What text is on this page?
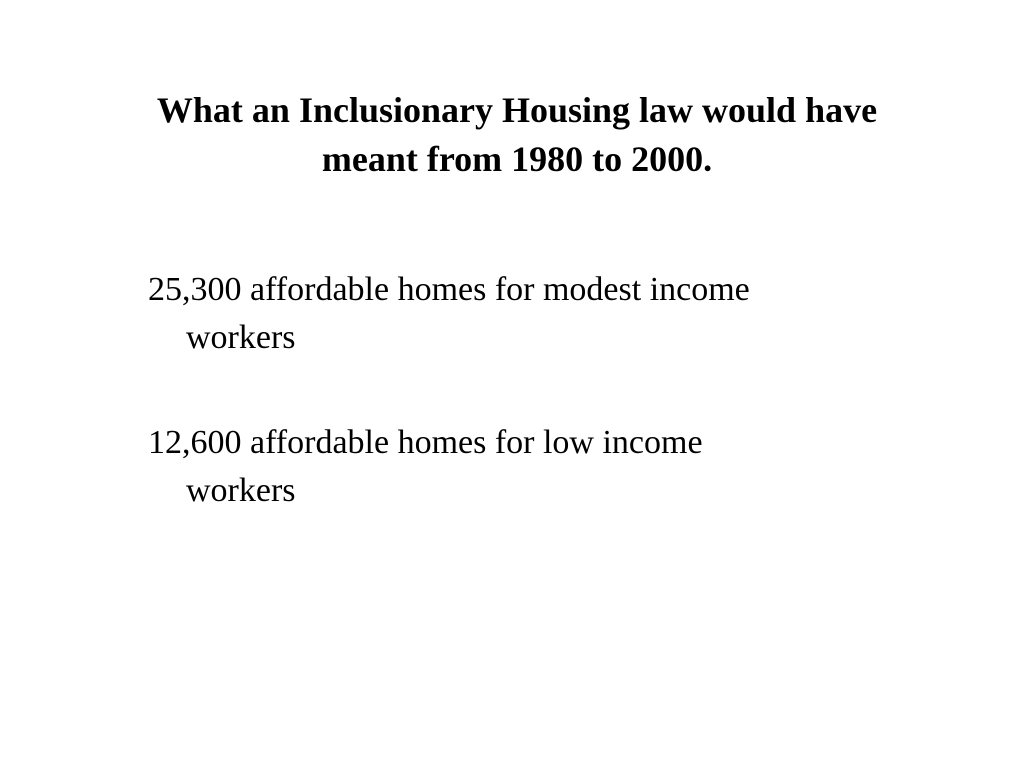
What an Inclusionary Housing law would have
meant from 1980 to 2000.
25,300 affordable homes for modest income
workers
12,600 affordable homes for low income
workers
